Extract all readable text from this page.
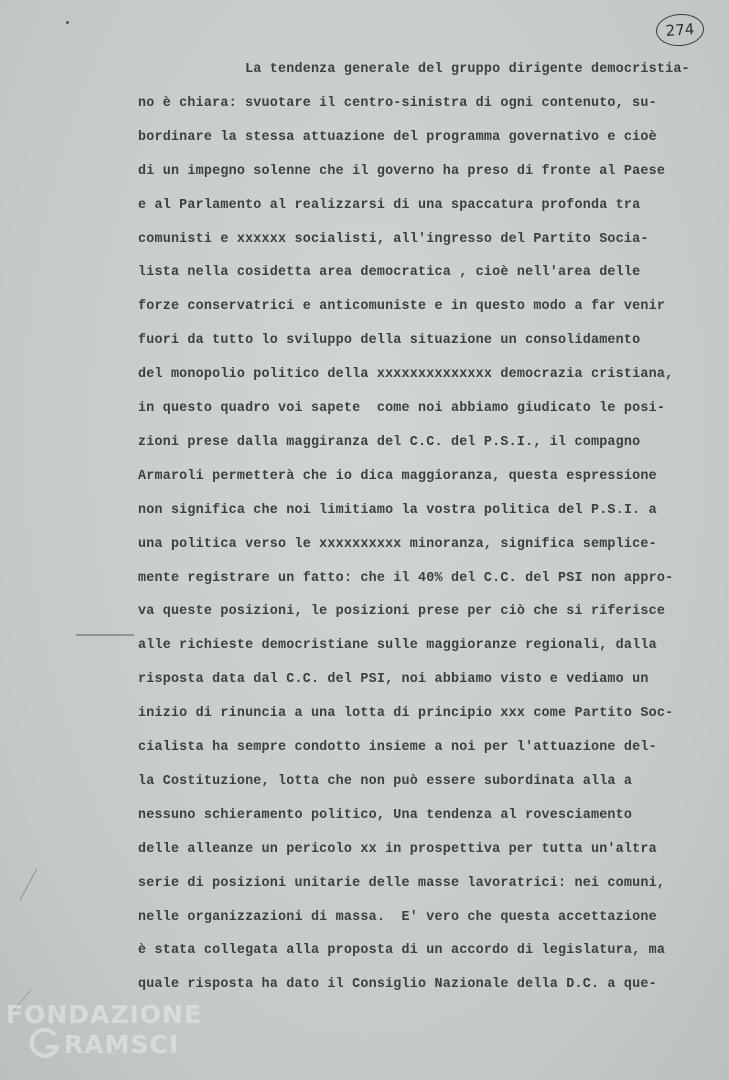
274
La tendenza generale del gruppo dirigente democristia-
no è chiara: svuotare il centro-sinistra di ogni contenuto, su-
bordinare la stessa attuazione del programma governativo e cioè
di un impegno solenne che il governo ha preso di fronte al Paese
e al Parlamento al realizzarsi di una spaccatura profonda tra
comunisti e xxxxxx socialisti, all'ingresso del Partito Socia-
lista nella cosidetta area democratica , cioè nell'area delle
forze conservatrici e anticomuniste e in questo modo a far venir
fuori da tutto lo sviluppo della situazione un consolidamento
del monopolio politico della xxxxxxxxxxxxxx democrazia cristiana,
in questo quadro voi sapete  come noi abbiamo giudicato le posi-
zioni prese dalla maggiranza del C.C. del P.S.I., il compagno
Armaroli permetterà che io dica maggioranza, questa espressione
non significa che noi limitiamo la vostra politica del P.S.I. a
una politica verso le xxxxxxxxxx minoranza, significa semplice-
mente registrare un fatto: che il 40% del C.C. del PSI non appro-
va queste posizioni, le posizioni prese per ciò che si riferisce
alle richieste democristiane sulle maggioranze regionali, dalla
risposta data dal C.C. del PSI, noi abbiamo visto e vediamo un
inizio di rinuncia a una lotta di principio xxx come Partito Soc-
cialista ha sempre condotto insieme a noi per l'attuazione del-
la Costituzione, lotta che non può essere subordinata alla a
nessuno schieramento politico, Una tendenza al rovesciamento
delle alleanze un pericolo xx in prospettiva per tutta un'altra
serie di posizioni unitarie delle masse lavoratrici: nei comuni,
nelle organizzazioni di massa.  E' vero che questa accettazione
è stata collegata alla proposta di un accordo di legislatura, ma
quale risposta ha dato il Consiglio Nazionale della D.C. a que-
FONDAZIONE
RAMSCI
